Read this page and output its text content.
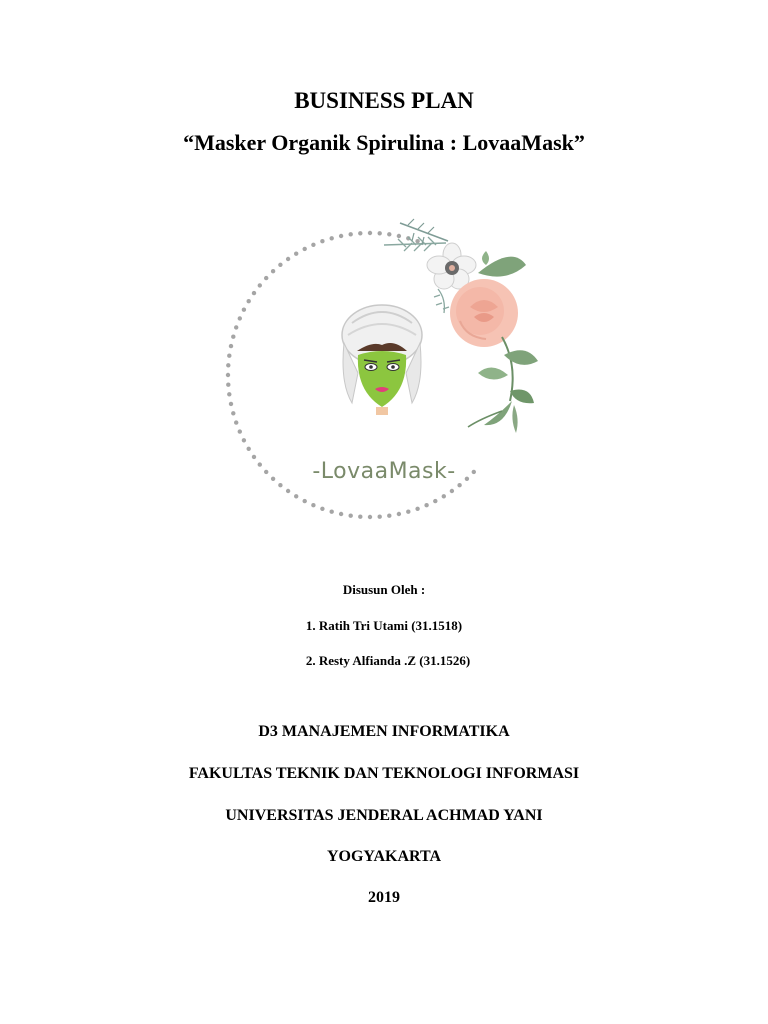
BUSINESS PLAN
“Masker Organik Spirulina : LovaaMask”
-LovaaMask-
Disusun Oleh :
1. Ratih Tri Utami (31.1518)
2. Resty Alfianda .Z (31.1526)
D3 MANAJEMEN INFORMATIKA
FAKULTAS TEKNIK DAN TEKNOLOGI INFORMASI
UNIVERSITAS JENDERAL ACHMAD YANI
YOGYAKARTA
2019
